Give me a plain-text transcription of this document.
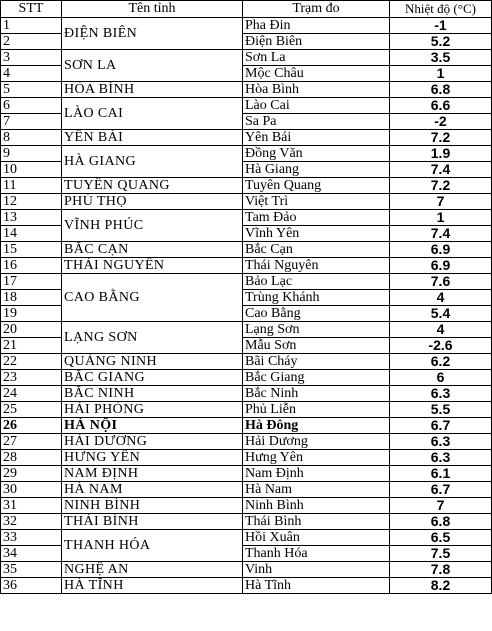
STT	Tên tỉnh	Trạm đo	Nhiệt độ (°C)
1	ĐIỆN BIÊN	Pha Đin	-1
2		Điện Biên	5.2
3	SƠN LA	Sơn La	3.5
4		Mộc Châu	1
5	HÒA BÌNH	Hòa Bình	6.8
6	LÀO CAI	Lào Cai	6.6
7		Sa Pa	-2
8	YÊN BÁI	Yên Bái	7.2
9	HÀ GIANG	Đồng Văn	1.9
10		Hà Giang	7.4
11	TUYÊN QUANG	Tuyên Quang	7.2
12	PHÚ THỌ	Việt Trì	7
13	VĨNH PHÚC	Tam Đảo	1
14		Vĩnh Yên	7.4
15	BẮC CẠN	Bắc Cạn	6.9
16	THÁI NGUYÊN	Thái Nguyên	6.9
17	CAO BẰNG	Bảo Lạc	7.6
18		Trùng Khánh	4
19		Cao Bằng	5.4
20	LẠNG SƠN	Lạng Sơn	4
21		Mẫu Sơn	-2.6
22	QUẢNG NINH	Bãi Cháy	6.2
23	BẮC GIANG	Bắc Giang	6
24	BẮC NINH	Bắc Ninh	6.3
25	HẢI PHÒNG	Phủ Liễn	5.5
26	HÀ NỘI	Hà Đông	6.7
27	HẢI DƯƠNG	Hải Dương	6.3
28	HƯNG YÊN	Hưng Yên	6.3
29	NAM ĐỊNH	Nam Định	6.1
30	HÀ NAM	Hà Nam	6.7
31	NINH BÌNH	Ninh Bình	7
32	THÁI BÌNH	Thái Bình	6.8
33	THANH HÓA	Hồi Xuân	6.5
34		Thanh Hóa	7.5
35	NGHỆ AN	Vinh	7.8
36	HÀ TĨNH	Hà Tĩnh	8.2
